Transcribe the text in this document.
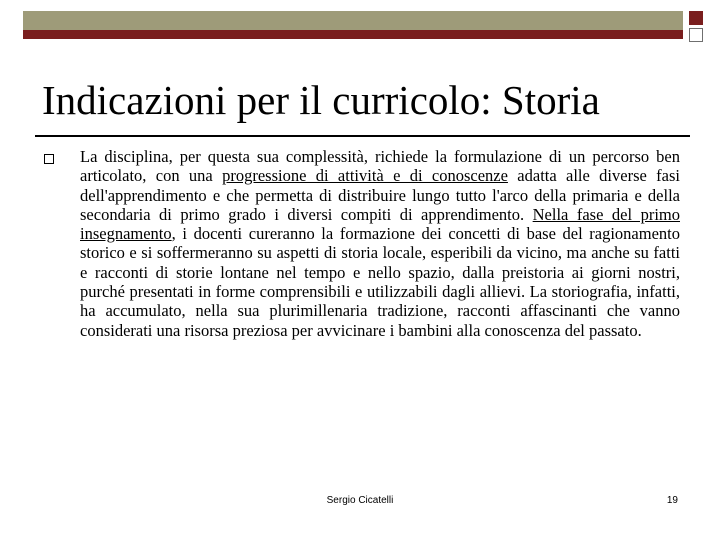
Indicazioni per il curricolo: Storia

La disciplina, per questa sua complessità, richiede la formulazione di un percorso ben articolato, con una progressione di attività e di conoscenze adatta alle diverse fasi dell'apprendimento e che permetta di distribuire lungo tutto l'arco della primaria e della secondaria di primo grado i diversi compiti di apprendimento. Nella fase del primo insegnamento, i docenti cureranno la formazione dei concetti di base del ragionamento storico e si soffermeranno su aspetti di storia locale, esperibili da vicino, ma anche su fatti e racconti di storie lontane nel tempo e nello spazio, dalla preistoria ai giorni nostri, purché presentati in forme comprensibili e utilizzabili dagli allievi. La storiografia, infatti, ha accumulato, nella sua plurimillenaria tradizione, racconti affascinanti che vanno considerati una risorsa preziosa per avvicinare i bambini alla conoscenza del passato.

Sergio Cicatelli	19
